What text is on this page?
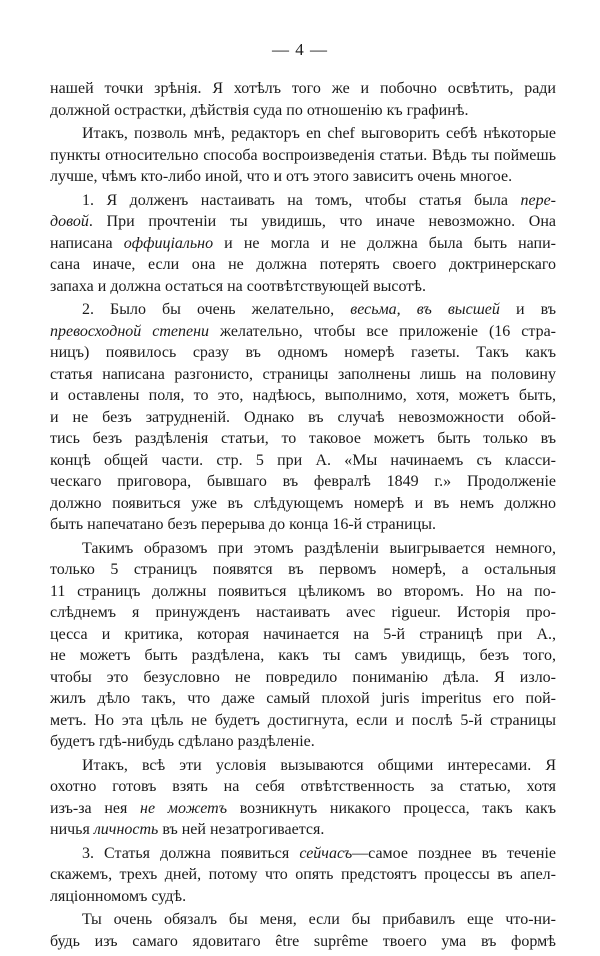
— 4 —
нашей точки зрѣнія. Я хотѣлъ того же и побочно освѣтить, ради
должной острастки, дѣйствія суда по отношенію къ графинѣ.
Итакъ, позволь мнѣ, редакторъ en chef выговорить себѣ нѣкоторые
пункты относительно способа воспроизведенія статьи. Вѣдь ты поймешь
лучше, чѣмъ кто-либо иной, что и отъ этого зависитъ очень многое.
1. Я долженъ настаивать на томъ, чтобы статья была пере-
довой. При прочтеніи ты увидишь, что иначе невозможно. Она
написана оффиціально и не могла и не должна была быть напи-
сана иначе, если она не должна потерять своего доктринерскаго
запаха и должна остаться на соотвѣтствующей высотѣ.
2. Было бы очень желательно, весьма, въ высшей и въ
превосходной степени желательно, чтобы все приложеніе (16 стра-
ницъ) появилось сразу въ одномъ номерѣ газеты. Такъ какъ
статья написана разгонисто, страницы заполнены лишь на половину
и оставлены поля, то это, надѣюсь, выполнимо, хотя, можетъ быть,
и не безъ затрудненій. Однако въ случаѣ невозможности обой-
тись безъ раздѣленія статьи, то таковое можетъ быть только въ
концѣ общей части. стр. 5 при А. «Мы начинаемъ съ класси-
ческаго приговора, бывшаго въ февралѣ 1849 г.» Продолженіе
должно появиться уже въ слѣдующемъ номерѣ и въ немъ должно
быть напечатано безъ перерыва до конца 16-й страницы.
Такимъ образомъ при этомъ раздѣленіи выигрывается немного,
только 5 страницъ появятся въ первомъ номерѣ, а остальныя
11 страницъ должны появиться цѣликомъ во второмъ. Но на по-
слѣднемъ я принужденъ настаивать avec rigueur. Исторія про-
цесса и критика, которая начинается на 5-й страницѣ при А.,
не можетъ быть раздѣлена, какъ ты самъ увидищь, безъ того,
чтобы это безусловно не повредило пониманію дѣла. Я изло-
жилъ дѣло такъ, что даже самый плохой juris imperitus его пой-
метъ. Но эта цѣль не будетъ достигнута, если и послѣ 5-й страницы
будетъ гдѣ-нибудь сдѣлано раздѣленіе.
Итакъ, всѣ эти условія вызываются общими интересами. Я
охотно готовъ взять на себя отвѣтственность за статью, хотя
изъ-за нея не можетъ возникнуть никакого процесса, такъ какъ
ничья личность въ ней незатрогивается.
3. Статья должна появиться сейчасъ—самое позднее въ теченіе
скажемъ, трехъ дней, потому что опять предстоятъ процессы въ апел-
ляціонномомъ судѣ.
Ты очень обязалъ бы меня, если бы прибавилъ еще что-ни-
будь изъ самаго ядовитаго être suprême твоего ума въ формѣ
